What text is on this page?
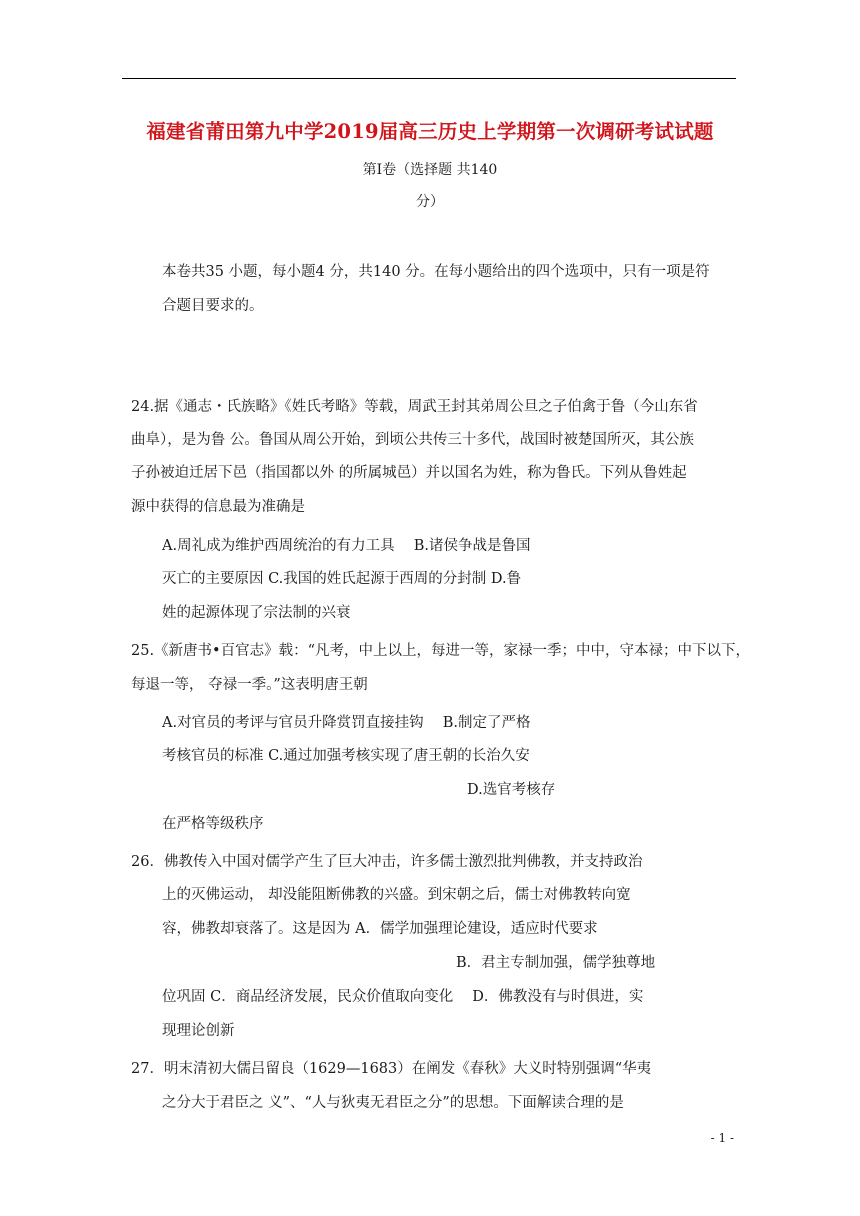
福建省莆田第九中学2019届高三历史上学期第一次调研考试试题
第Ⅰ卷（选择题 共140
分）
本卷共35 小题，每小题4 分，共140 分。在每小题给出的四个选项中，只有一项是符
合题目要求的。
24.据《通志・氏族略》《姓氏考略》等载，周武王封其弟周公旦之子伯禽于鲁（今山东省
曲阜），是为鲁 公。鲁国从周公开始，到顷公共传三十多代，战国时被楚国所灭，其公族
子孙被迫迁居下邑（指国都以外 的所属城邑）并以国名为姓，称为鲁氏。下列从鲁姓起
源中获得的信息最为准确是
A.周礼成为维护西周统治的有力工具 　B.诸侯争战是鲁国
灭亡的主要原因 C.我国的姓氏起源于西周的分封制 D.鲁
姓的起源体现了宗法制的兴衰
25.《新唐书•百官志》载：“凡考，中上以上，每进一等，家禄一季；中中，守本禄；中下以下，
每退一等， 夺禄一季。”这表明唐王朝
A.对官员的考评与官员升降赏罚直接挂钩 　B.制定了严格
考核官员的标准 C.通过加强考核实现了唐王朝的长治久安
D.选官考核存
在严格等级秩序
26．佛教传入中国对儒学产生了巨大冲击，许多儒士激烈批判佛教，并支持政治
上的灭佛运动， 却没能阻断佛教的兴盛。到宋朝之后，儒士对佛教转向宽
容，佛教却衰落了。这是因为 A．儒学加强理论建设，适应时代要求
B．君主专制加强，儒学独尊地
位巩固 C．商品经济发展，民众价值取向变化 　D．佛教没有与时俱进，实
现理论创新
27．明末清初大儒吕留良（1629—1683）在阐发《春秋》大义时特别强调“华夷
之分大于君臣之 义”、“人与狄夷无君臣之分”的思想。下面解读合理的是
- 1 -
